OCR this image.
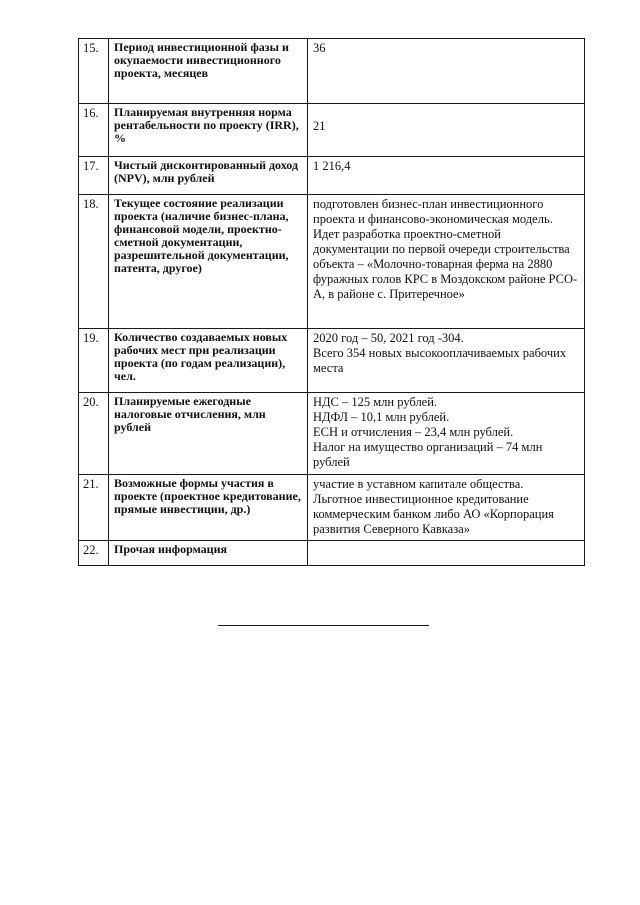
15.	Период инвестиционной фазы и окупаемости инвестиционного проекта, месяцев	36

16.	Планируемая внутренняя норма рентабельности по проекту (IRR), %	21

17.	Чистый дисконтированный доход (NPV), млн рублей	1 216,4

18.	Текущее состояние реализации проекта (наличие бизнес-плана, финансовой модели, проектно-сметной документации, разрешительной документации, патента, другое)	подготовлен бизнес-план инвестиционного проекта и финансово-экономическая модель. Идет разработка проектно-сметной документации по первой очереди строительства объекта – «Молочно-товарная ферма на 2880 фуражных голов КРС в Моздокском районе РСО-А, в районе с. Притеречное»

19.	Количество создаваемых новых рабочих мест при реализации проекта (по годам реализации), чел.	2020 год – 50, 2021 год -304.
Всего 354 новых высокооплачиваемых рабочих места

20.	Планируемые ежегодные налоговые отчисления, млн рублей	НДС – 125 млн рублей.
НДФЛ – 10,1 млн рублей.
ЕСН и отчисления – 23,4 млн рублей.
Налог на имущество организаций – 74 млн рублей

21.	Возможные формы участия в проекте (проектное кредитование, прямые инвестиции, др.)	участие в уставном капитале общества.
Льготное инвестиционное кредитование коммерческим банком либо АО «Корпорация развития Северного Кавказа»

22.	Прочая информация	
